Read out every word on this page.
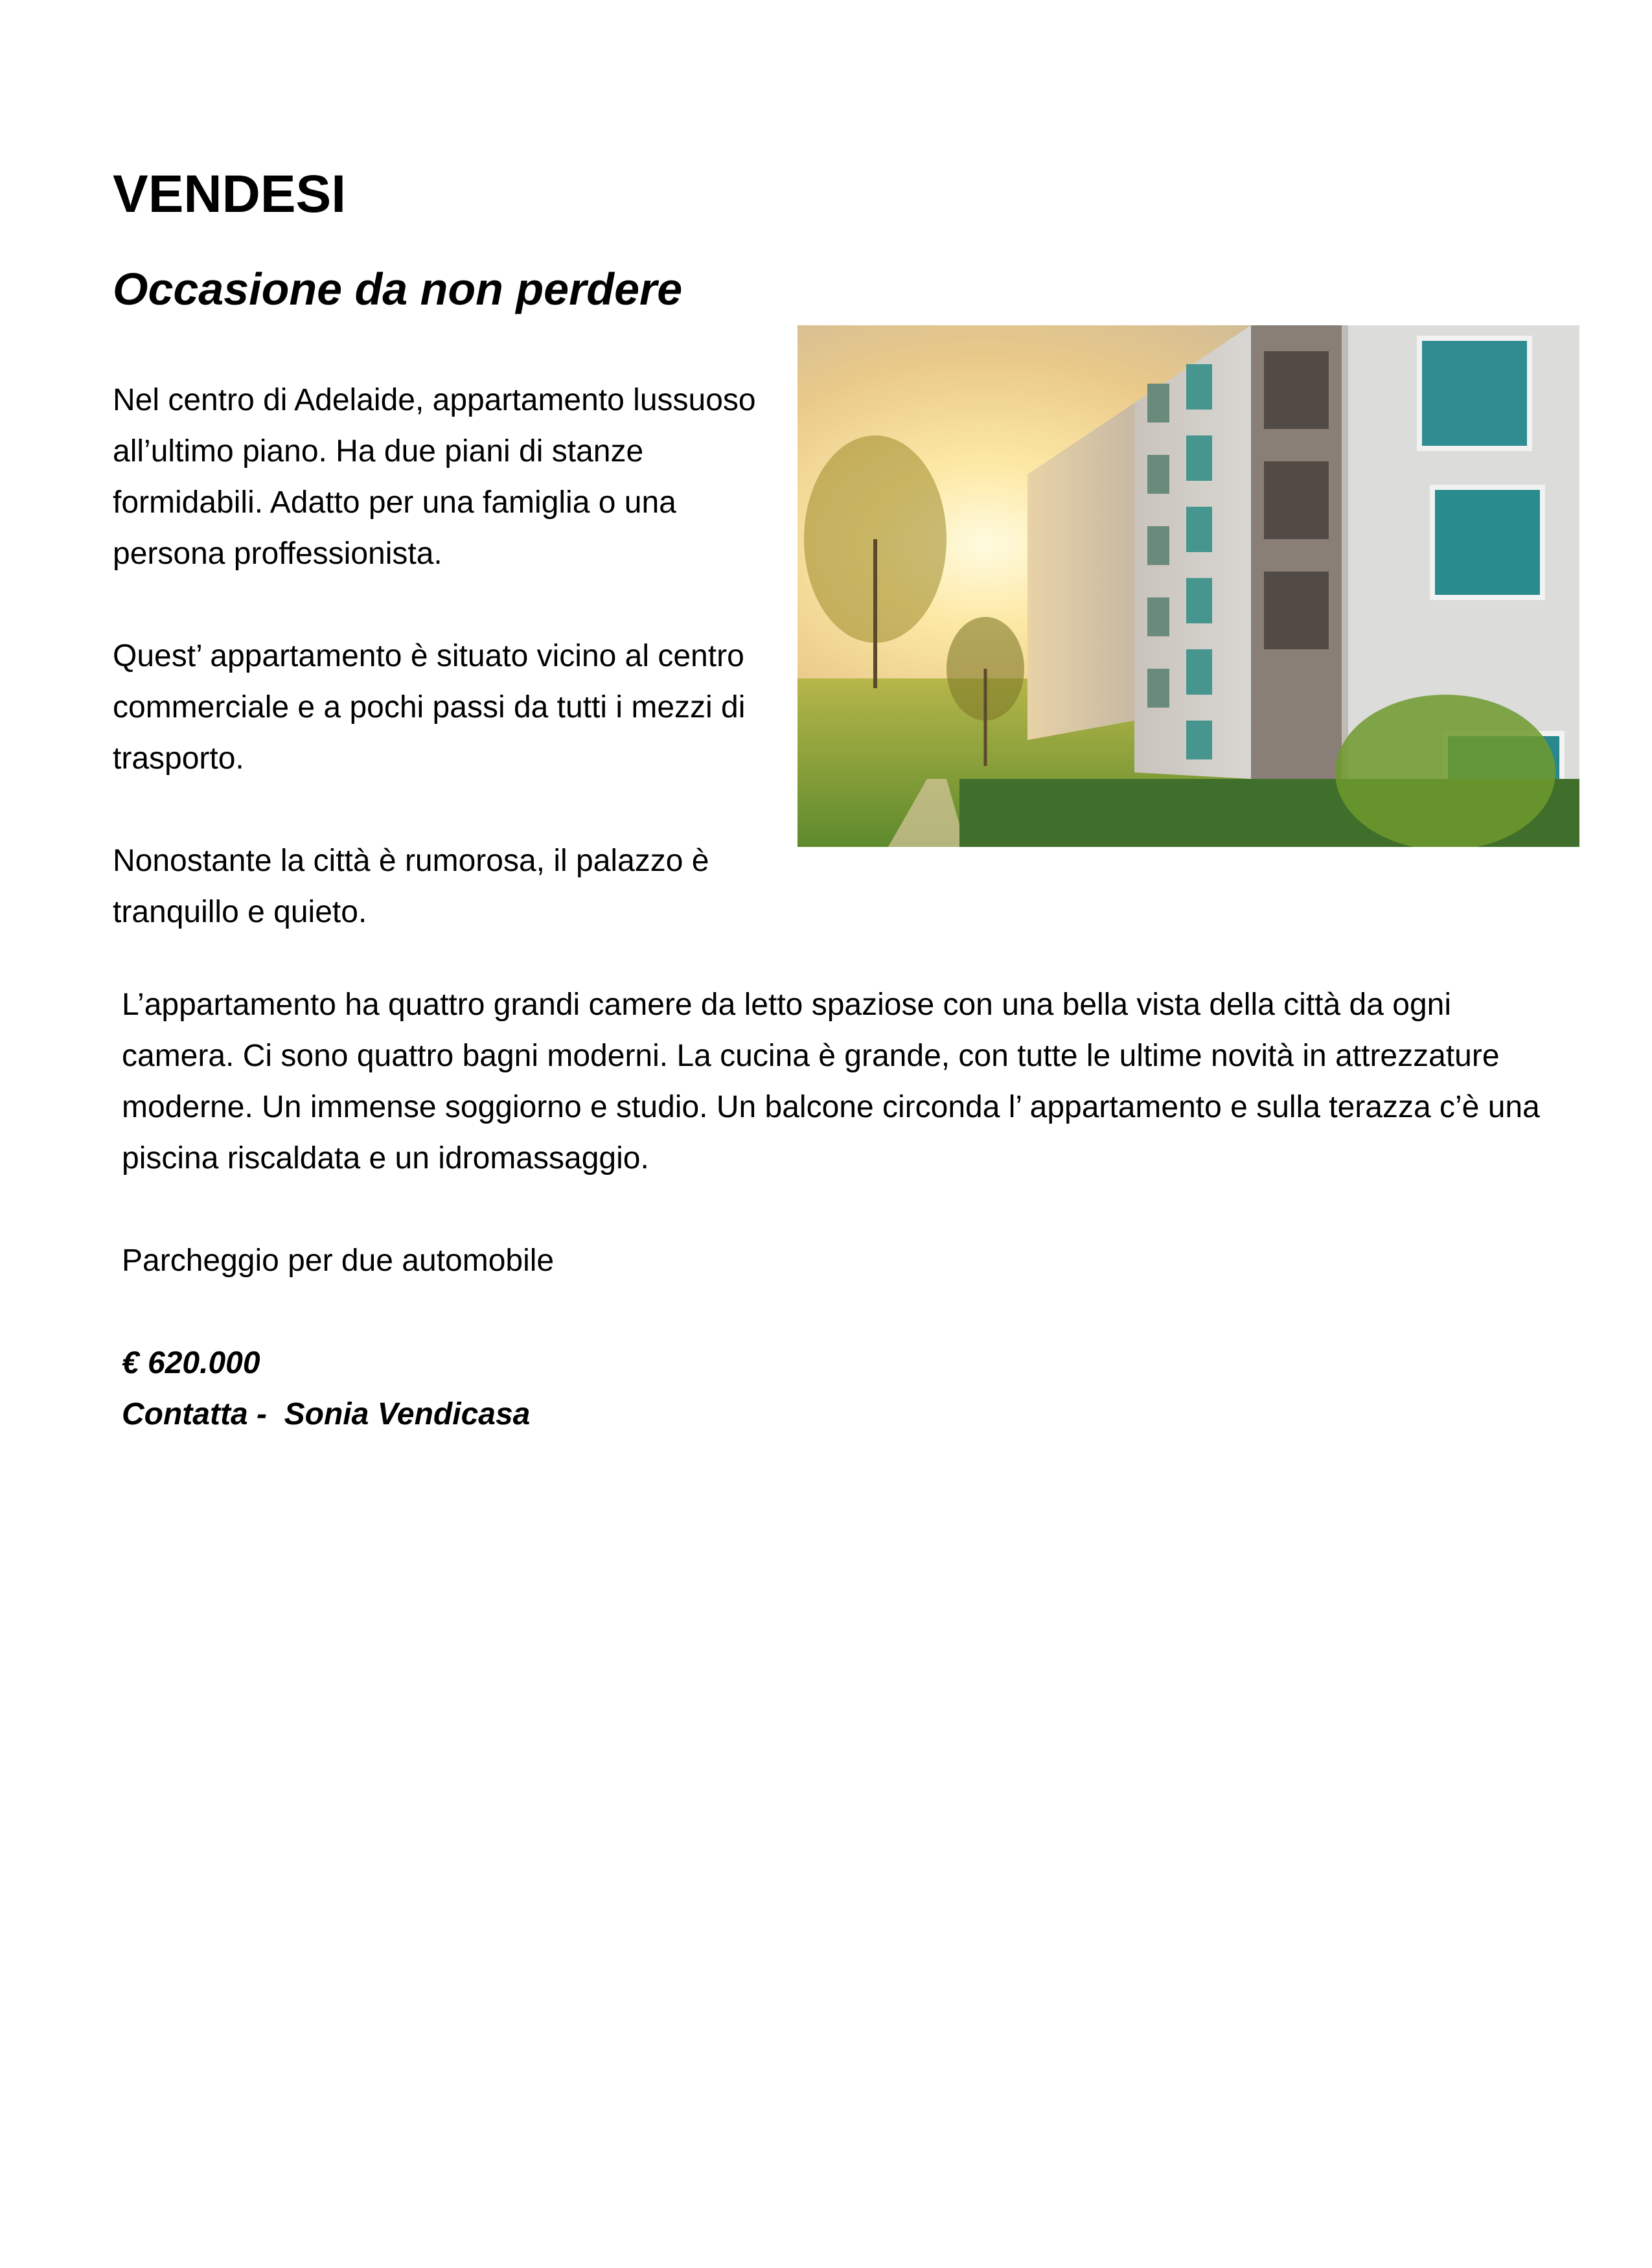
VENDESI
Occasione da non perdere

Nel centro di Adelaide, appartamento lussuoso all’ultimo piano. Ha due piani di stanze formidabili. Adatto per una famiglia o una persona proffessionista.

Quest’ appartamento è situato vicino al centro commerciale e a pochi passi da tutti i mezzi di trasporto.

Nonostante la città è rumorosa, il palazzo è tranquillo e quieto.

L’appartamento ha quattro grandi camere da letto spaziose con una bella vista della città da ogni camera. Ci sono quattro bagni moderni. La cucina è grande, con tutte le ultime novità in attrezzature moderne. Un immense soggiorno e studio. Un balcone circonda l’ appartamento e sulla terazza c’è una piscina riscaldata e un idromassaggio.

Parcheggio per due automobile

€ 620.000

Contatta -  Sonia Vendicasa
